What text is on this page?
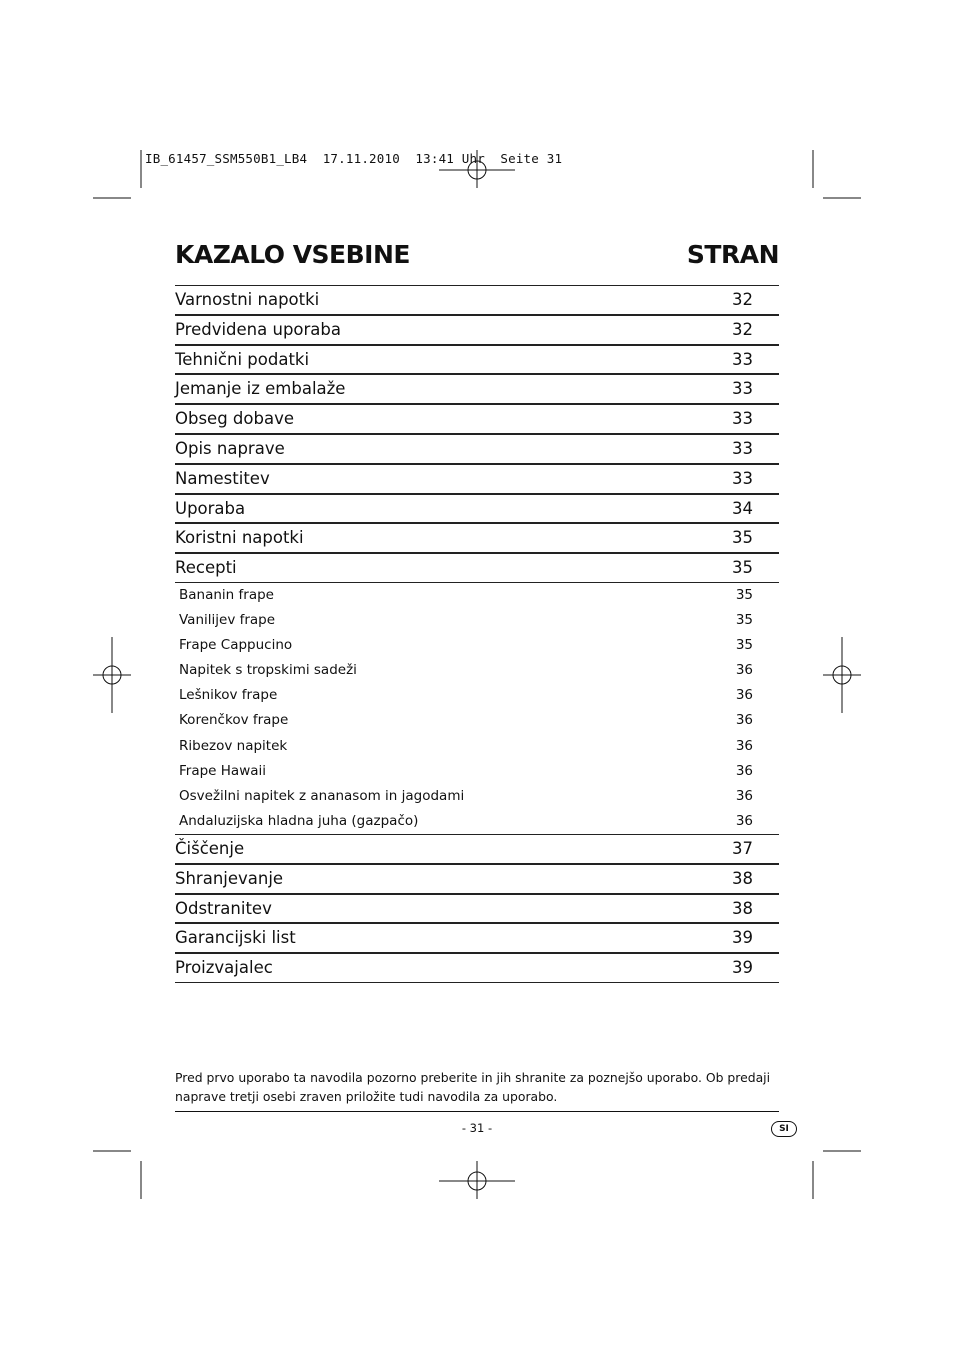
IB_61457_SSM550B1_LB4  17.11.2010  13:41 Uhr  Seite 31
KAZALO VSEBINE	STRAN
Varnostni napotki	32
Predvidena uporaba	32
Tehnični podatki	33
Jemanje iz embalaže	33
Obseg dobave	33
Opis naprave	33
Namestitev	33
Uporaba	34
Koristni napotki	35
Recepti	35
Bananin frape	35
Vanilijev frape	35
Frape Cappucino	35
Napitek s tropskimi sadeži	36
Lešnikov frape	36
Korenčkov frape	36
Ribezov napitek	36
Frape Hawaii	36
Osvežilni napitek z ananasom in jagodami	36
Andaluzijska hladna juha (gazpačo)	36
Čiščenje	37
Shranjevanje	38
Odstranitev	38
Garancijski list	39
Proizvajalec	39
Pred prvo uporabo ta navodila pozorno preberite in jih shranite za poznejšo uporabo. Ob predaji naprave tretji osebi zraven priložite tudi navodila za uporabo.
- 31 -	SI
